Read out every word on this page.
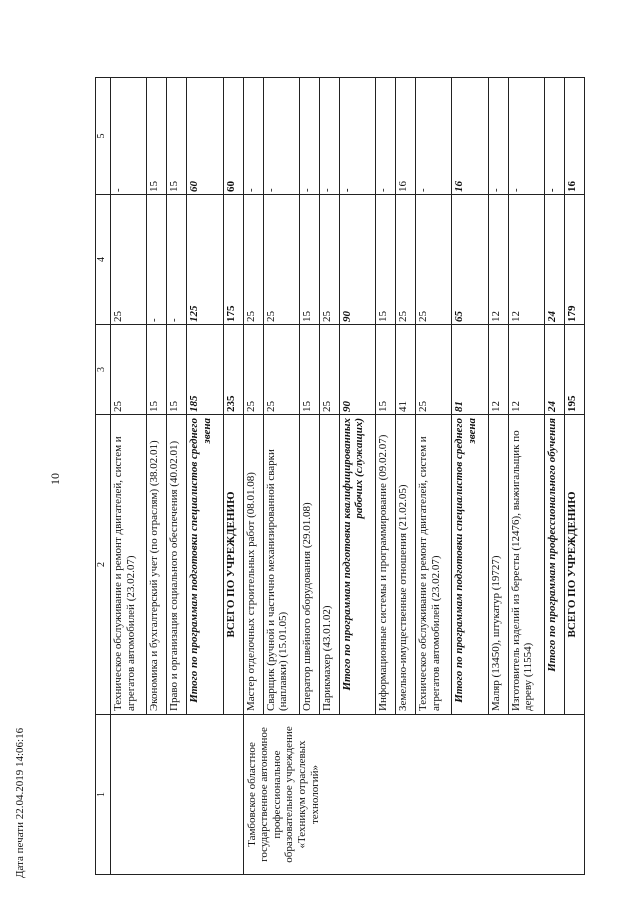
10
1	2	3	4	5
	Техническое обслуживание и ремонт двигателей, систем и агрегатов автомобилей (23.02.07)	25	25	-
	Экономика и бухгалтерский учет (по отраслям) (38.02.01)	15	-	15
	Право и организация социального обеспечения (40.02.01)	15	-	15
	Итого по программам подготовки специалистов среднего звена	185	125	60
	ВСЕГО ПО УЧРЕЖДЕНИЮ	235	175	60
Тамбовское областное государственное автономное профессиональное образовательное учреждение «Техникум отраслевых технологий»	Мастер отделочных строительных работ (08.01.08)	25	25	-
	Сварщик (ручной и частично механизированной сварки (наплавки) (15.01.05)	25	25	-
	Оператор швейного оборудования (29.01.08)	15	15	-
	Парикмахер (43.01.02)	25	25	-
	Итого по программам подготовки квалифицированных рабочих (служащих)	90	90	-
	Информационные системы и программирование (09.02.07)	15	15	-
	Земельно-имущественные отношения (21.02.05)	41	25	16
	Техническое обслуживание и ремонт двигателей, систем и агрегатов автомобилей (23.02.07)	25	25	-
	Итого по программам подготовки специалистов среднего звена	81	65	16
	Маляр (13450), штукатур (19727)	12	12	-
	Изготовитель изделий из бересты (12476), выжигальщик по дереву (11554)	12	12	-
	Итого по программам профессионального обучения	24	24	-
	ВСЕГО ПО УЧРЕЖДЕНИЮ	195	179	16
Дата печати 22.04.2019 14:06:16
